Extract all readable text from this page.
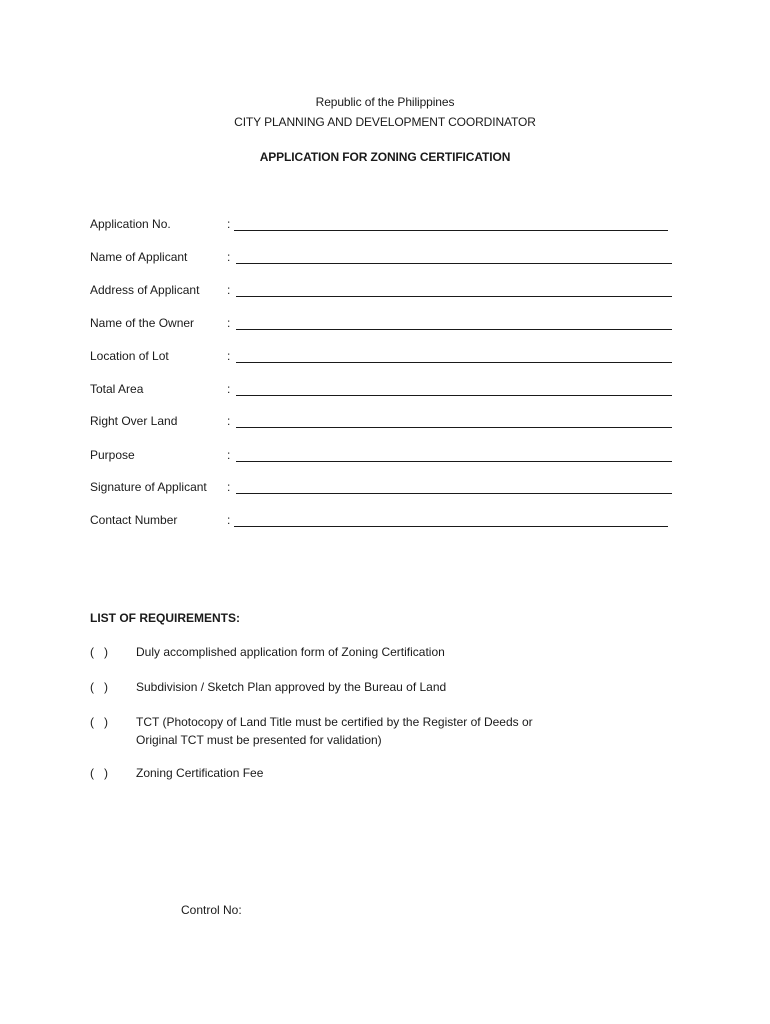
Republic of the Philippines
CITY PLANNING AND DEVELOPMENT COORDINATOR
APPLICATION FOR ZONING CERTIFICATION
Application No.	:
Name of Applicant	:
Address of Applicant :
Name of the Owner	:
Location of Lot	:
Total Area	:
Right Over Land	:
Purpose	:
Signature of Applicant :
Contact Number	:
LIST OF REQUIREMENTS:
(   ) Duly accomplished application form of Zoning Certification
(   ) Subdivision / Sketch Plan approved by the Bureau of Land
(   ) TCT (Photocopy of Land Title must be certified by the Register of Deeds or
Original TCT must be presented for validation)
(   ) Zoning Certification Fee
Control No:
